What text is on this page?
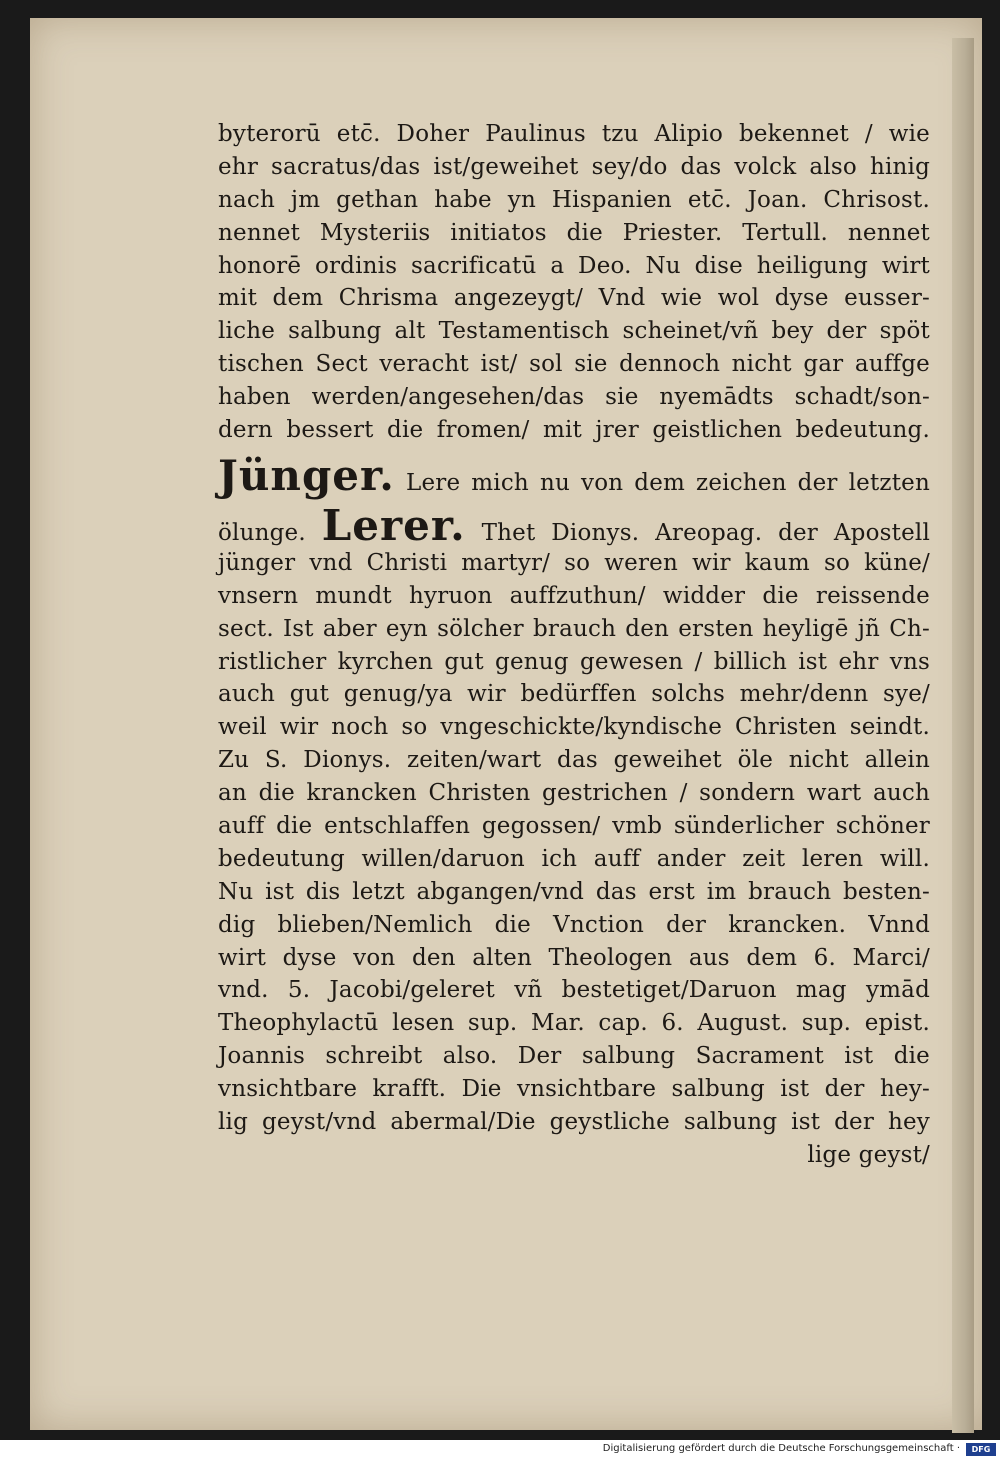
byterorū etc̄. Doher Paulinus tzu Alipio bekennet / wie
ehr sacratus/das ist/geweihet sey/do das volck also hinig
nach jm gethan habe yn Hispanien etc̄. Joan. Chrisost.
nennet Mysteriis initiatos die Priester. Tertull. nennet
honorē ordinis sacrificatū a Deo. Nu dise heiligung wirt
mit dem Chrisma angezeygt/ Vnd wie wol dyse eusser-
liche salbung alt Testamentisch scheinet/vñ bey der spöt
tischen Sect veracht ist/ sol sie dennoch nicht gar auffge
haben werden/angesehen/das sie nyemādts schadt/son-
dern bessert die fromen/ mit jrer geistlichen bedeutung.
Jünger. Lere mich nu von dem zeichen der letzten
ölunge. Lerer. Thet Dionys. Areopag. der Apostell
jünger vnd Christi martyr/ so weren wir kaum so küne/
vnsern mundt hyruon auffzuthun/ widder die reissende
sect. Ist aber eyn sölcher brauch den ersten heyligē jñ Ch-
ristlicher kyrchen gut genug gewesen / billich ist ehr vns
auch gut genug/ya wir bedürffen solchs mehr/denn sye/
weil wir noch so vngeschickte/kyndische Christen seindt.
Zu S. Dionys. zeiten/wart das geweihet öle nicht allein
an die krancken Christen gestrichen / sondern wart auch
auff die entschlaffen gegossen/ vmb sünderlicher schöner
bedeutung willen/daruon ich auff ander zeit leren will.
Nu ist dis letzt abgangen/vnd das erst im brauch besten-
dig blieben/Nemlich die Vnction der krancken. Vnnd
wirt dyse von den alten Theologen aus dem 6. Marci/
vnd. 5. Jacobi/geleret vñ bestetiget/Daruon mag ymād
Theophylactū lesen sup. Mar. cap. 6. August. sup. epist.
Joannis schreibt also. Der salbung Sacrament ist die
vnsichtbare krafft. Die vnsichtbare salbung ist der hey-
lig geyst/vnd abermal/Die geystliche salbung ist der hey
lige geyst/
Digitalisierung gefördert durch die Deutsche Forschungsgemeinschaft ·	DFG
